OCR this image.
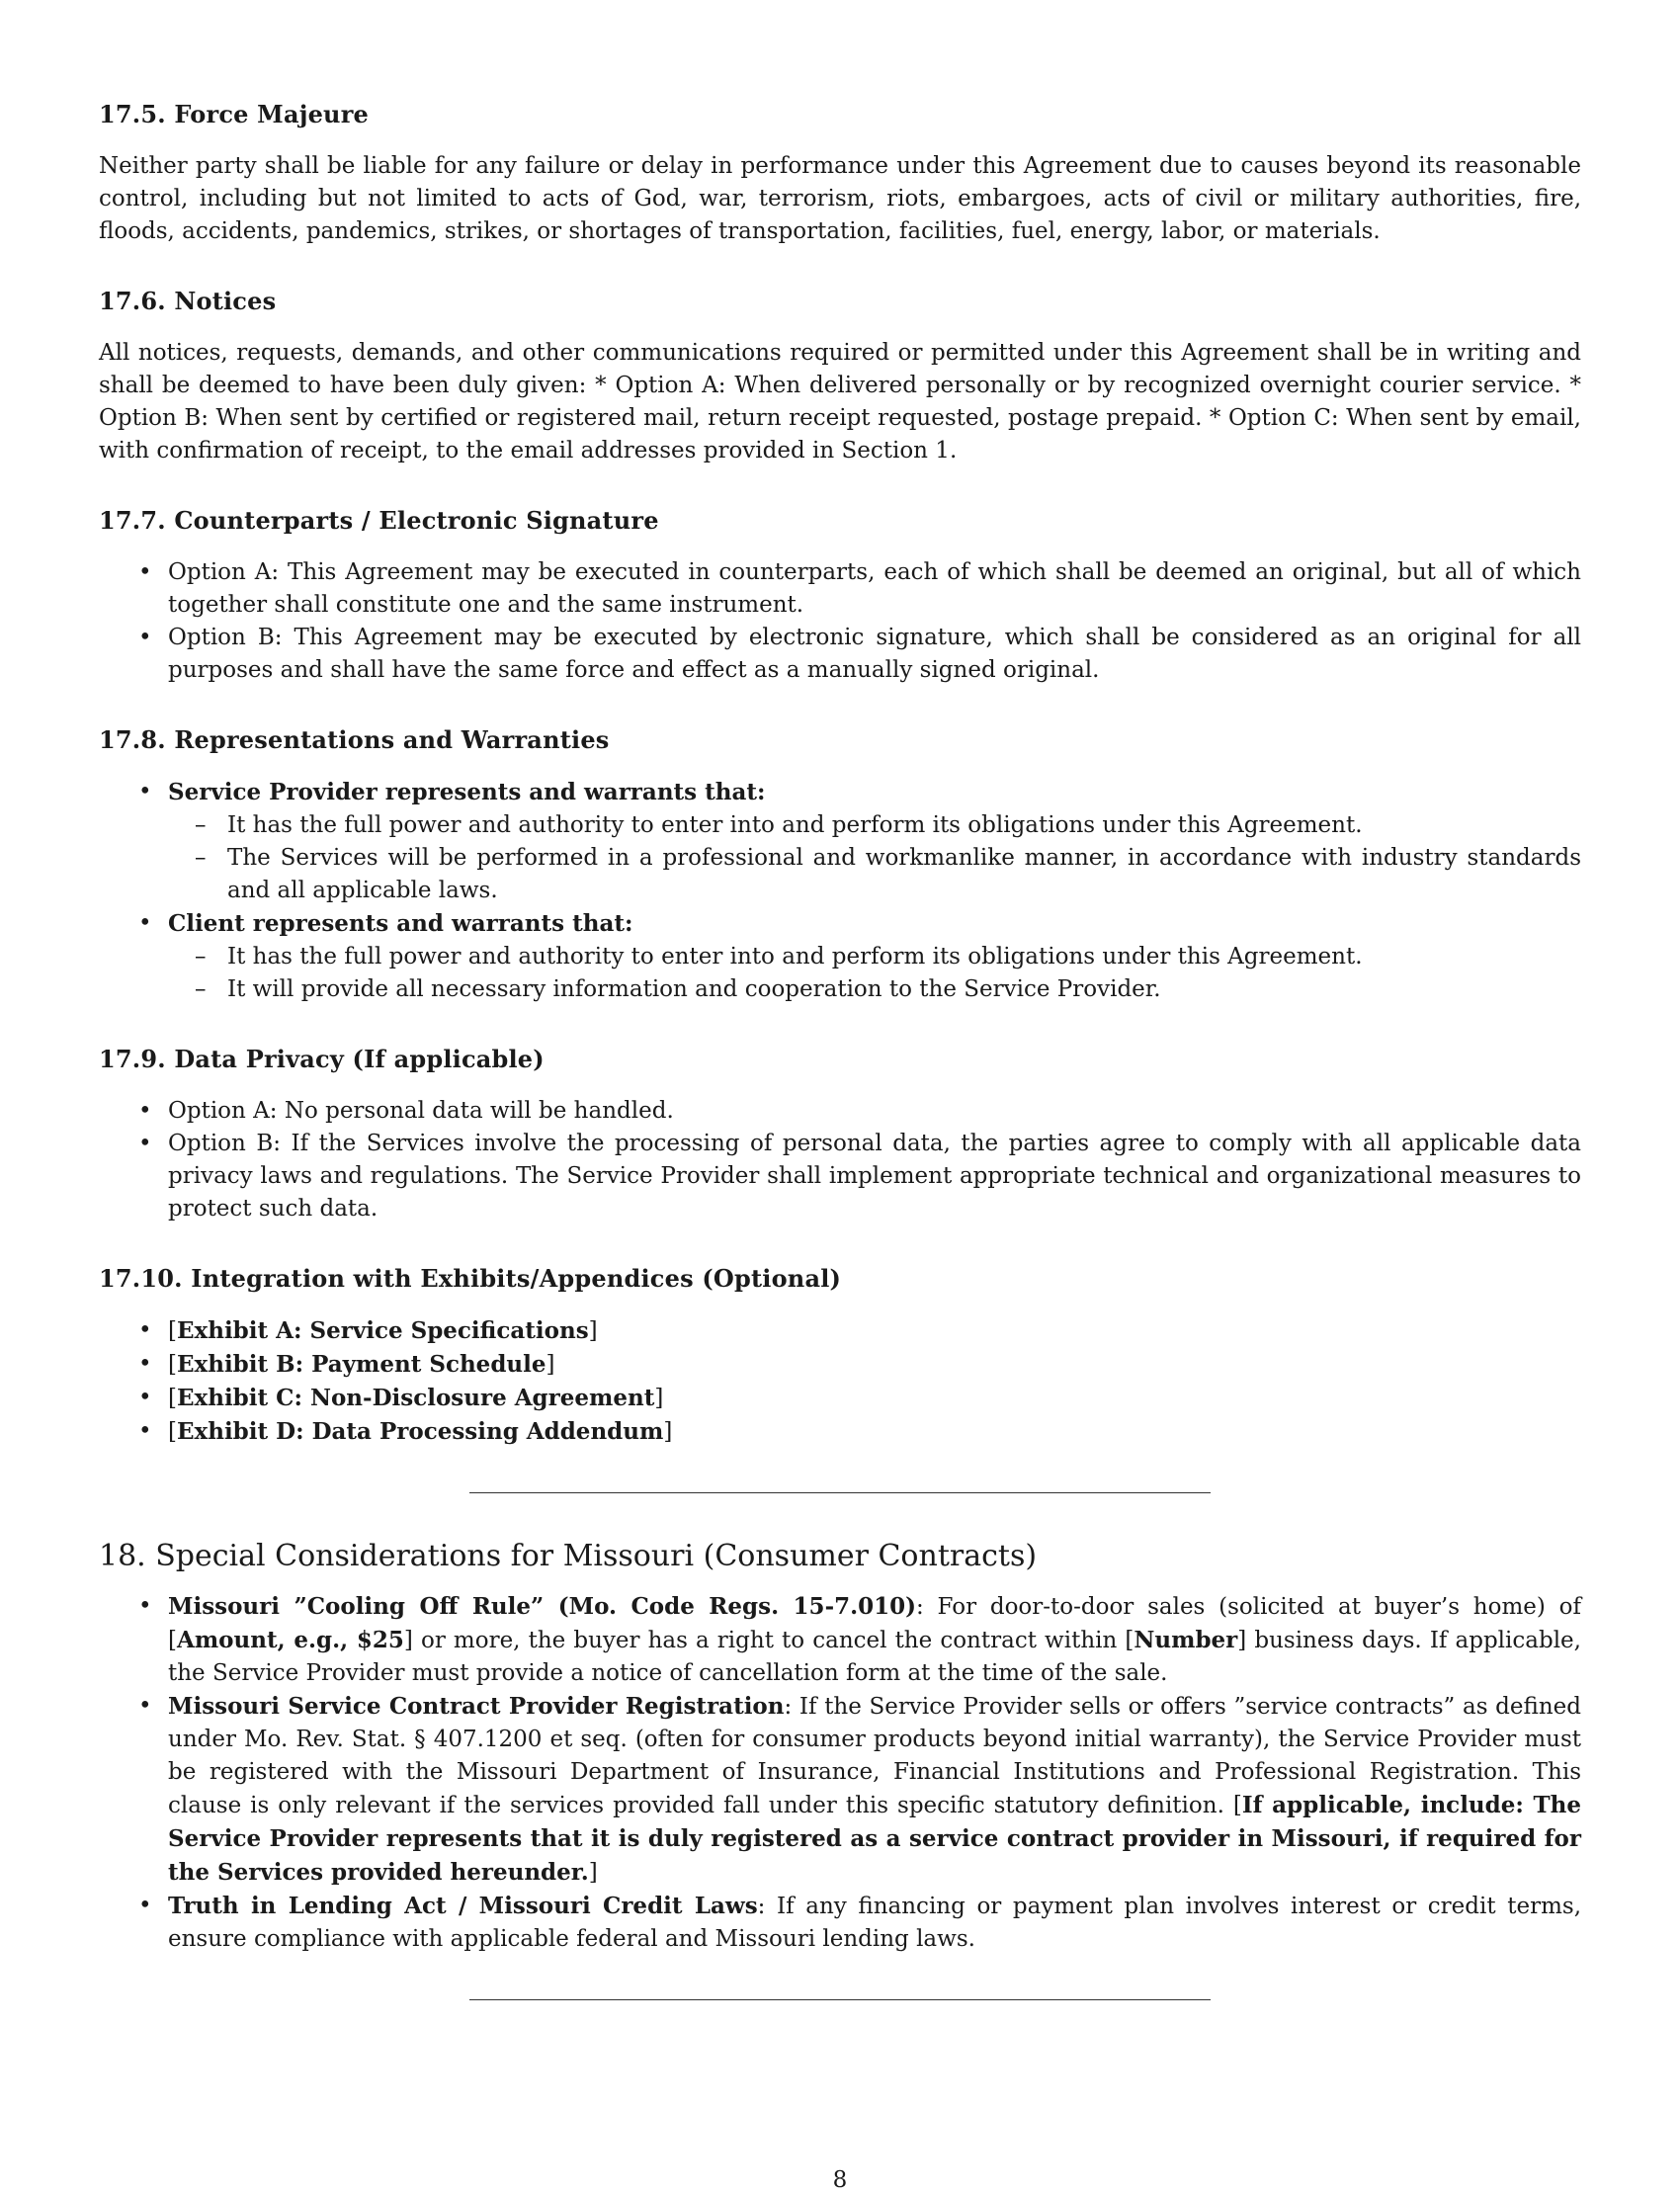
17.5. Force Majeure

Neither party shall be liable for any failure or delay in performance under this Agreement due to causes beyond its reasonable control, including but not limited to acts of God, war, terrorism, riots, embargoes, acts of civil or military authorities, fire, floods, accidents, pandemics, strikes, or shortages of transportation, facilities, fuel, energy, labor, or materials.

17.6. Notices

All notices, requests, demands, and other communications required or permitted under this Agreement shall be in writing and shall be deemed to have been duly given: * Option A: When delivered personally or by recognized overnight courier service. * Option B: When sent by certified or registered mail, return receipt requested, postage prepaid. * Option C: When sent by email, with confirmation of receipt, to the email addresses provided in Section 1.

17.7. Counterparts / Electronic Signature
• Option A: This Agreement may be executed in counterparts, each of which shall be deemed an original, but all of which together shall constitute one and the same instrument.
• Option B: This Agreement may be executed by electronic signature, which shall be considered as an original for all purposes and shall have the same force and effect as a manually signed original.
17.8. Representations and Warranties
• Service Provider represents and warrants that:
– It has the full power and authority to enter into and perform its obligations under this Agreement.
– The Services will be performed in a professional and workmanlike manner, in accordance with industry standards and all applicable laws.
• Client represents and warrants that:
– It has the full power and authority to enter into and perform its obligations under this Agreement.
– It will provide all necessary information and cooperation to the Service Provider.
17.9. Data Privacy (If applicable)
• Option A: No personal data will be handled.
• Option B: If the Services involve the processing of personal data, the parties agree to comply with all applicable data privacy laws and regulations. The Service Provider shall implement appropriate technical and organizational measures to protect such data.
17.10. Integration with Exhibits/Appendices (Optional)
• [Exhibit A: Service Specifications]
• [Exhibit B: Payment Schedule]
• [Exhibit C: Non-Disclosure Agreement]
• [Exhibit D: Data Processing Addendum]
18. Special Considerations for Missouri (Consumer Contracts)
• Missouri ”Cooling Off Rule” (Mo. Code Regs. 15-7.010): For door-to-door sales (solicited at buyer’s home) of [Amount, e.g., $25] or more, the buyer has a right to cancel the contract within [Number] business days. If applicable, the Service Provider must provide a notice of cancellation form at the time of the sale.
• Missouri Service Contract Provider Registration: If the Service Provider sells or offers ”service contracts” as defined under Mo. Rev. Stat. § 407.1200 et seq. (often for consumer products beyond initial warranty), the Service Provider must be registered with the Missouri Department of Insurance, Financial Institutions and Professional Registration. This clause is only relevant if the services provided fall under this specific statutory definition. [If applicable, include: The Service Provider represents that it is duly registered as a service contract provider in Missouri, if required for the Services provided hereunder.]
• Truth in Lending Act / Missouri Credit Laws: If any financing or payment plan involves interest or credit terms, ensure compliance with applicable federal and Missouri lending laws.
8
